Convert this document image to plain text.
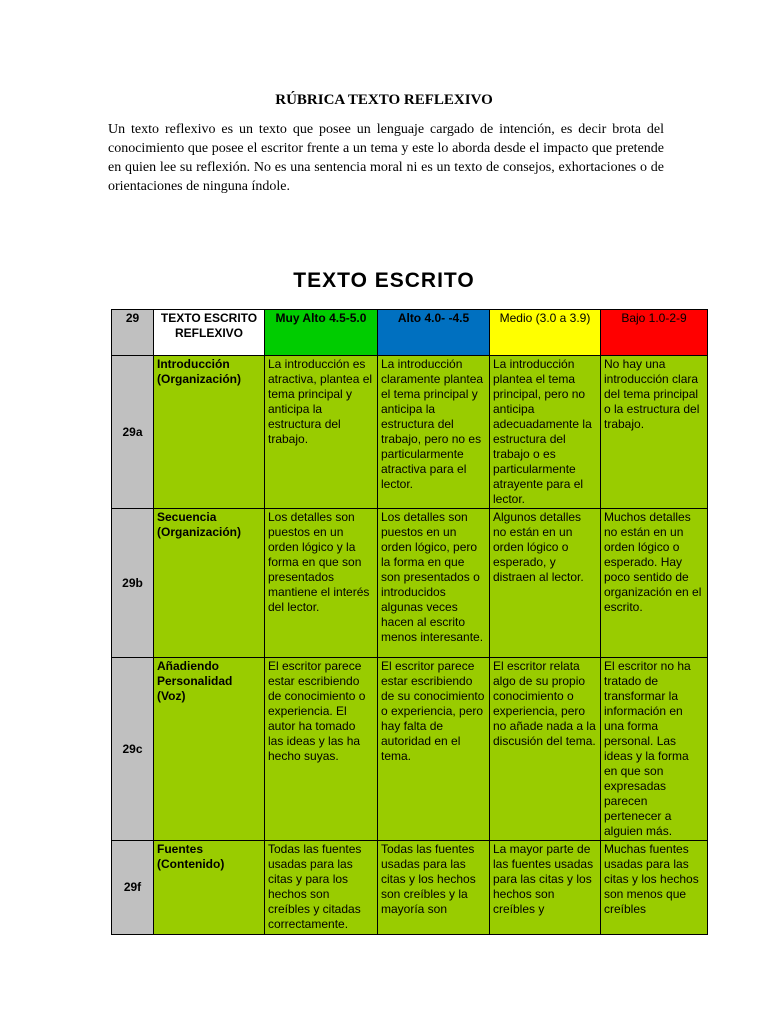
RÚBRICA TEXTO REFLEXIVO
Un texto reflexivo es un texto que posee un lenguaje cargado de intención, es decir brota del conocimiento que posee el escritor frente a un tema y este lo aborda desde el impacto que pretende en quien lee su reflexión. No es una sentencia moral ni es un texto de consejos, exhortaciones o de orientaciones de ninguna índole.
TEXTO ESCRITO
29	TEXTO ESCRITO REFLEXIVO	Muy Alto 4.5-5.0	Alto 4.0- -4.5	Medio (3.0 a 3.9)	Bajo 1.0-2-9
29a	Introducción (Organización)	La introducción es atractiva, plantea el tema principal y anticipa la estructura del trabajo.	La introducción claramente plantea el tema principal y anticipa la estructura del trabajo, pero no es particularmente atractiva para el lector.	La introducción plantea el tema principal, pero no anticipa adecuadamente la estructura del trabajo o es particularmente atrayente para el lector.	No hay una introducción clara del tema principal o la estructura del trabajo.
29b	Secuencia (Organización)	Los detalles son puestos en un orden lógico y la forma en que son presentados mantiene el interés del lector.	Los detalles son puestos en un orden lógico, pero la forma en que son presentados o introducidos algunas veces hacen al escrito menos interesante.	Algunos detalles no están en un orden lógico o esperado, y distraen al lector.	Muchos detalles no están en un orden lógico o esperado. Hay poco sentido de organización en el escrito.
29c	Añadiendo Personalidad (Voz)	El escritor parece estar escribiendo de conocimiento o experiencia. El autor ha tomado las ideas y las ha hecho suyas.	El escritor parece estar escribiendo de su conocimiento o experiencia, pero hay falta de autoridad en el tema.	El escritor relata algo de su propio conocimiento o experiencia, pero no añade nada a la discusión del tema.	El escritor no ha tratado de transformar la información en una forma personal. Las ideas y la forma en que son expresadas parecen pertenecer a alguien más.
29f	Fuentes (Contenido)	Todas las fuentes usadas para las citas y para los hechos son creíbles y citadas correctamente.	Todas las fuentes usadas para las citas y los hechos son creíbles y la mayoría son	La mayor parte de las fuentes usadas para las citas y los hechos son creíbles y	Muchas fuentes usadas para las citas y los hechos son menos que creíbles
